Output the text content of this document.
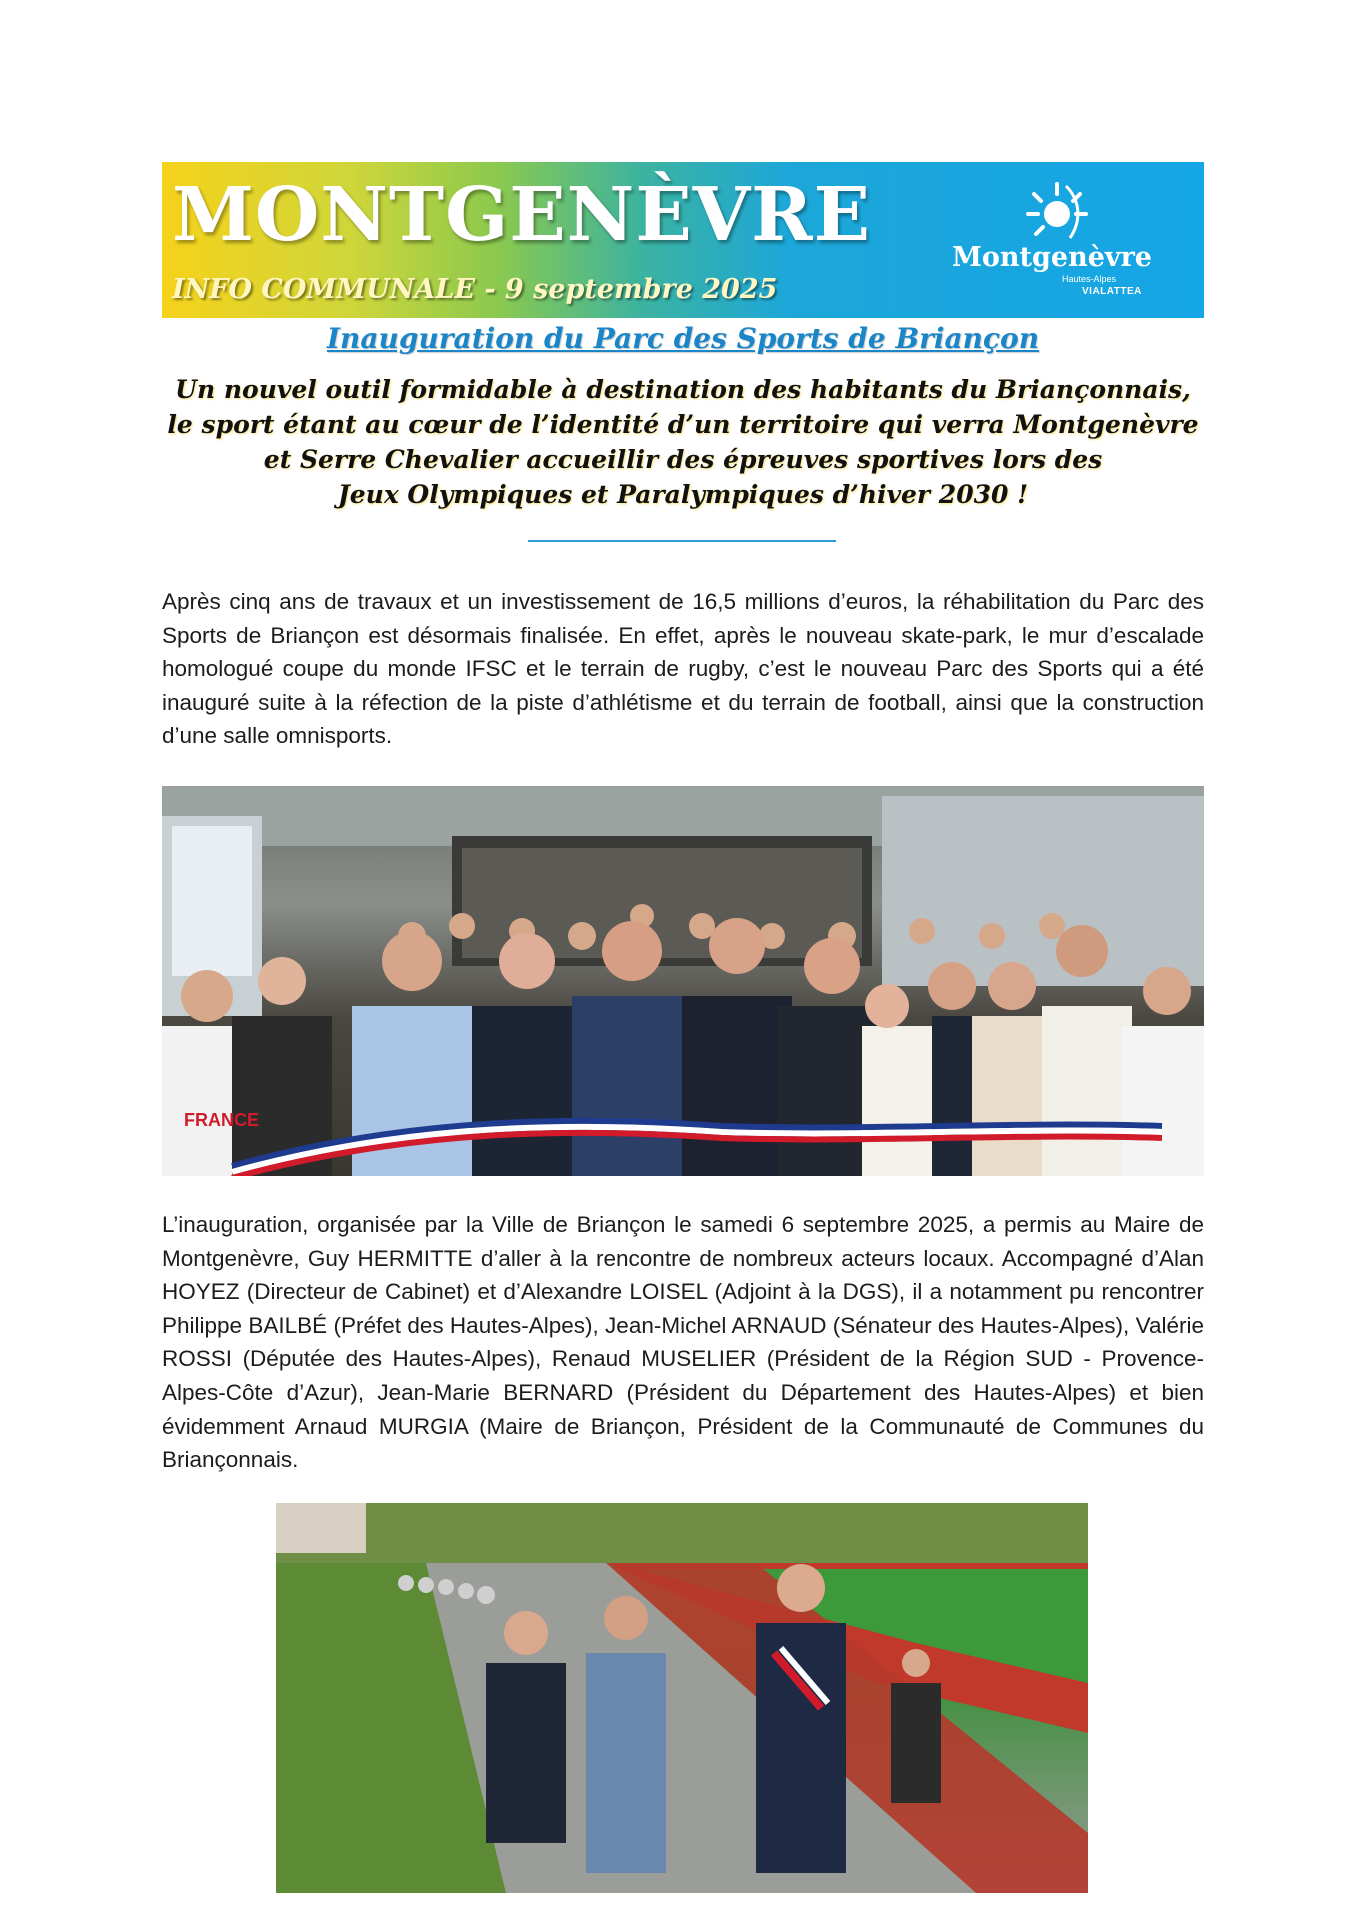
MONTGENÈVRE
INFO COMMUNALE - 9 septembre 2025
Montgenèvre
Hautes-Alpes
VIALATTEA
Inauguration du Parc des Sports de Briançon
Un nouvel outil formidable à destination des habitants du Briançonnais,
le sport étant au cœur de l’identité d’un territoire qui verra Montgenèvre
et Serre Chevalier accueillir des épreuves sportives lors des
Jeux Olympiques et Paralympiques d’hiver 2030 !

Après cinq ans de travaux et un investissement de 16,5 millions d’euros, la réhabilitation du Parc des Sports de Briançon est désormais finalisée. En effet, après le nouveau skate-park, le mur d’escalade homologué coupe du monde IFSC et le terrain de rugby, c’est le nouveau Parc des Sports qui a été inauguré suite à la réfection de la piste d’athlétisme et du terrain de football, ainsi que la construction d’une salle omnisports.

FRANCE

L’inauguration, organisée par la Ville de Briançon le samedi 6 septembre 2025, a permis au Maire de Montgenèvre, Guy HERMITTE d’aller à la rencontre de nombreux acteurs locaux. Accompagné d’Alan HOYEZ (Directeur de Cabinet) et d’Alexandre LOISEL (Adjoint à la DGS), il a notamment pu rencontrer Philippe BAILBÉ (Préfet des Hautes-Alpes), Jean-Michel ARNAUD (Sénateur des Hautes-Alpes), Valérie ROSSI (Députée des Hautes-Alpes), Renaud MUSELIER (Président de la Région SUD - Provence-Alpes-Côte d’Azur), Jean-Marie BERNARD (Président du Département des Hautes-Alpes) et bien évidemment Arnaud MURGIA (Maire de Briançon, Président de la Communauté de Communes du Briançonnais.
